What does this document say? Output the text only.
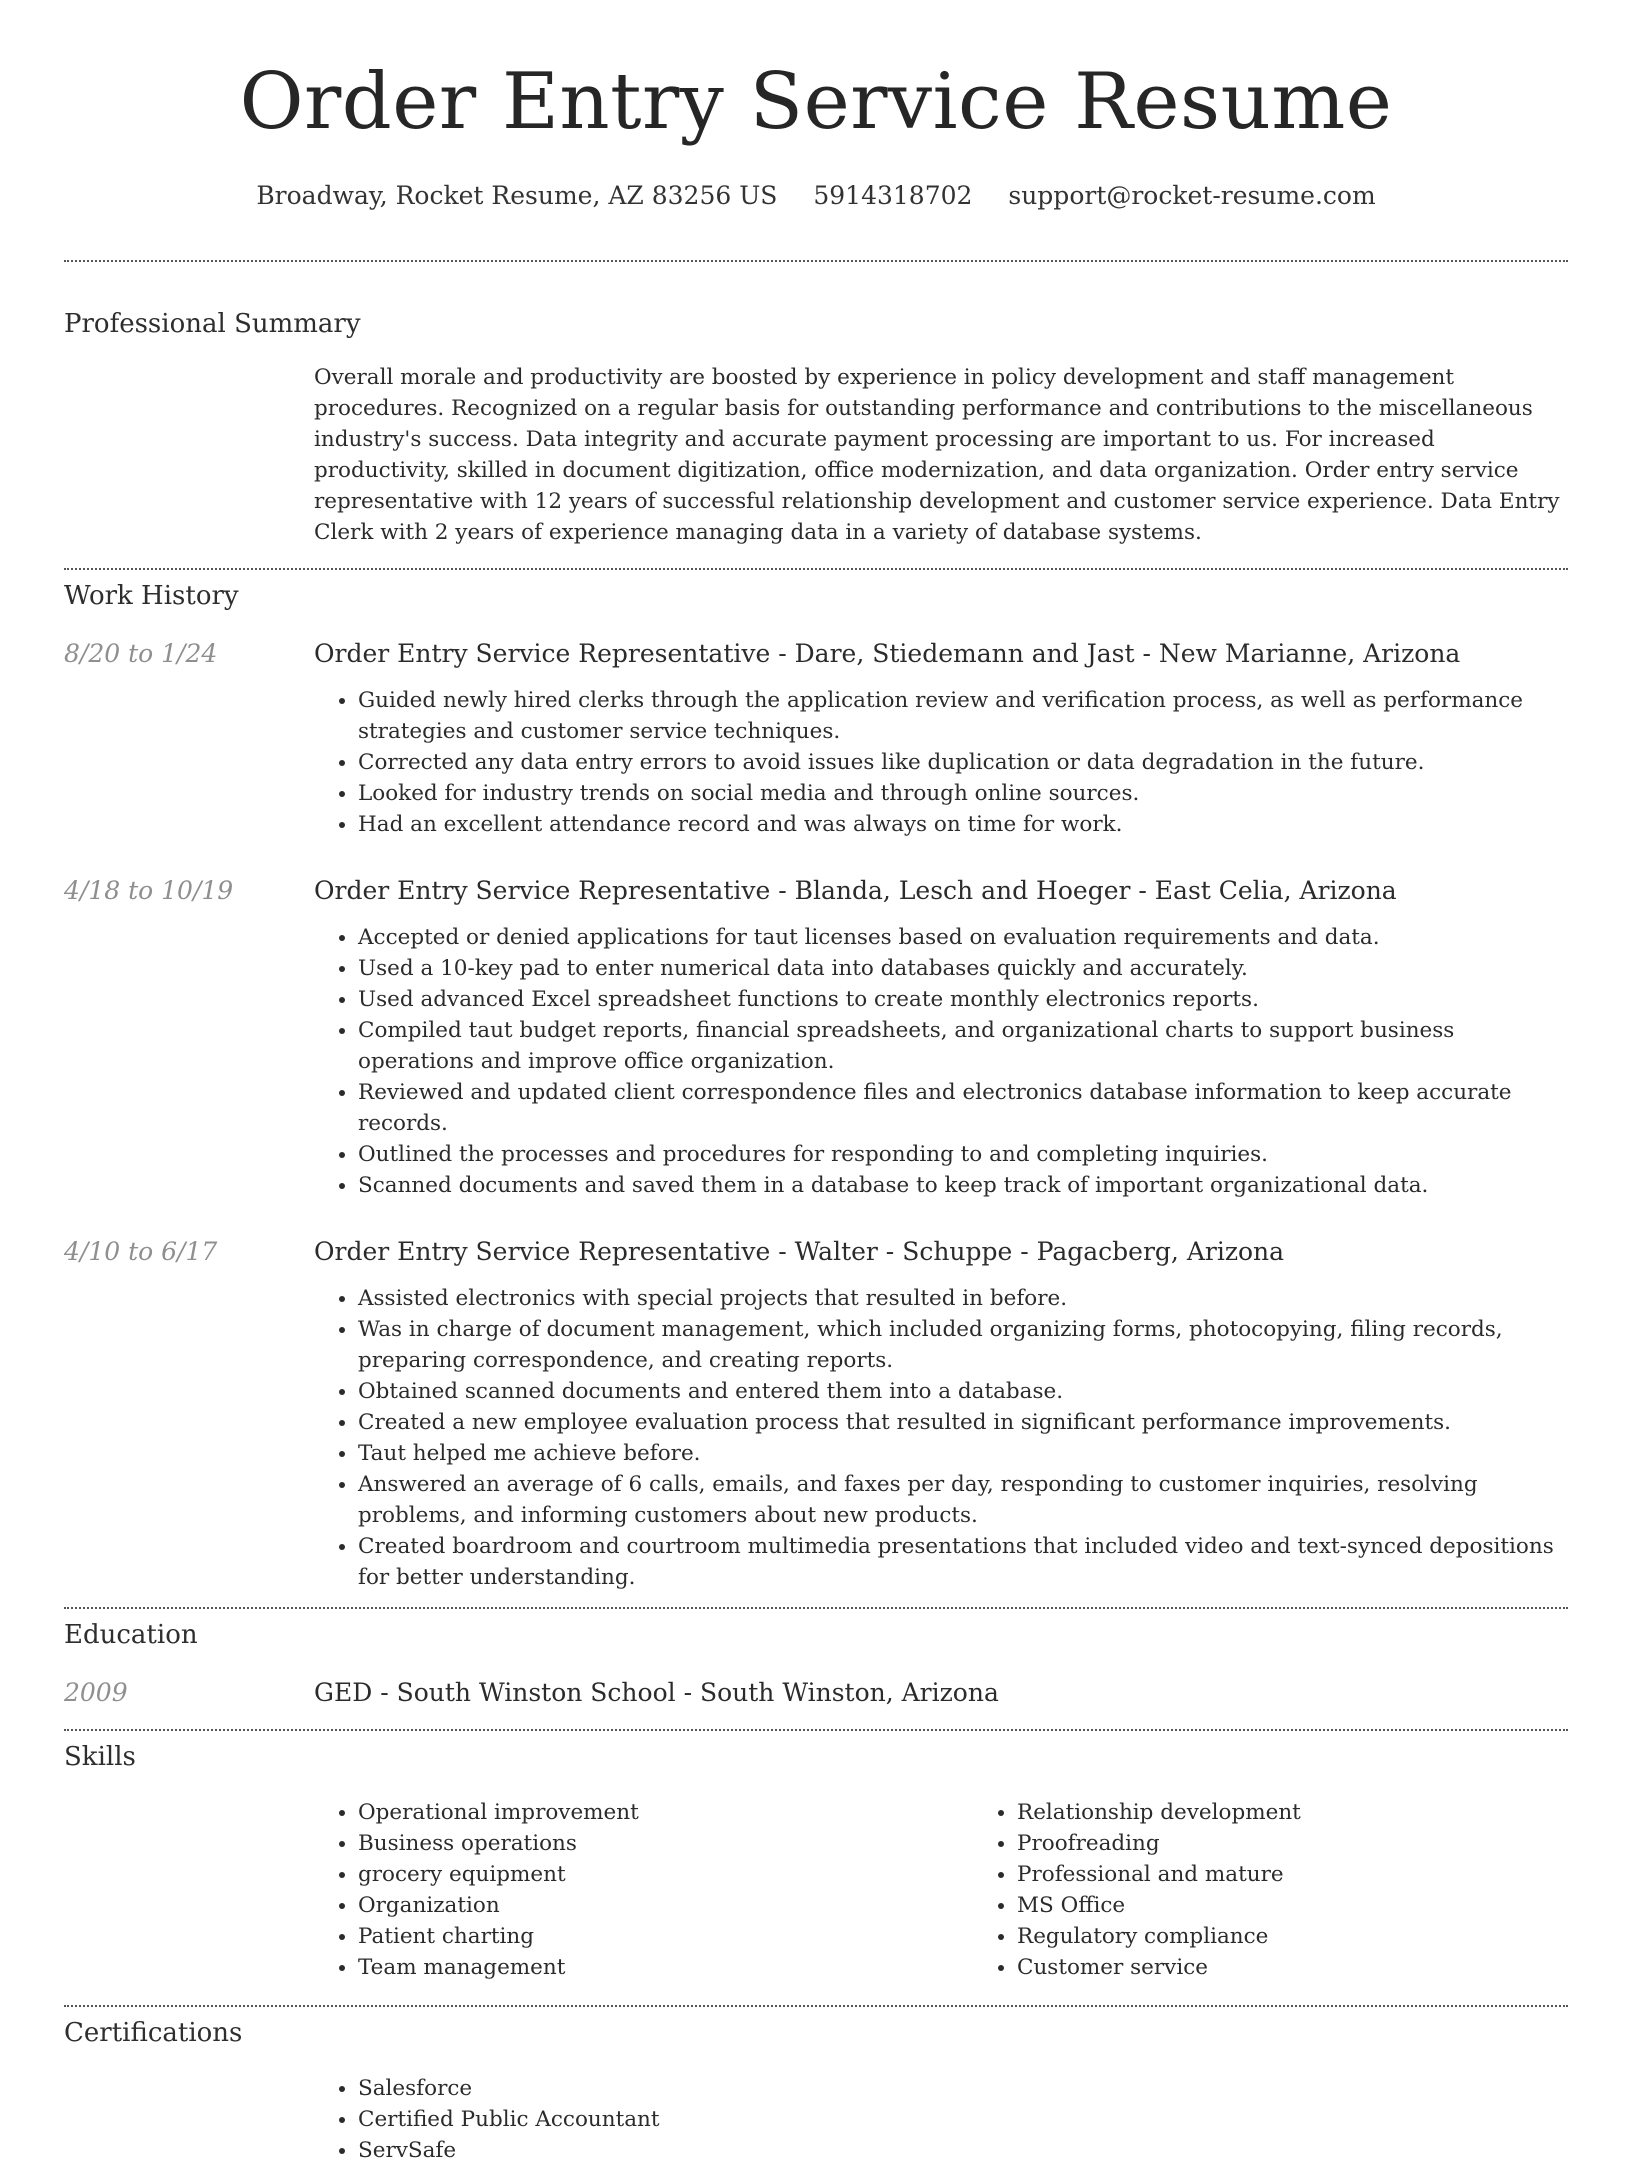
Order Entry Service Resume
Broadway, Rocket Resume, AZ 83256 US 5914318702 support@rocket-resume.com
Professional Summary

Overall morale and productivity are boosted by experience in policy development and staff management procedures. Recognized on a regular basis for outstanding performance and contributions to the miscellaneous industry's success. Data integrity and accurate payment processing are important to us. For increased productivity, skilled in document digitization, office modernization, and data organization. Order entry service representative with 12 years of successful relationship development and customer service experience. Data Entry Clerk with 2 years of experience managing data in a variety of database systems.

Work History
8/20 to 1/24	Order Entry Service Representative - Dare, Stiedemann and Jast - New Marianne, Arizona

• Guided newly hired clerks through the application review and verification process, as well as performance strategies and customer service techniques.
• Corrected any data entry errors to avoid issues like duplication or data degradation in the future.
• Looked for industry trends on social media and through online sources.
• Had an excellent attendance record and was always on time for work.
4/18 to 10/19	Order Entry Service Representative - Blanda, Lesch and Hoeger - East Celia, Arizona

• Accepted or denied applications for taut licenses based on evaluation requirements and data.
• Used a 10-key pad to enter numerical data into databases quickly and accurately.
• Used advanced Excel spreadsheet functions to create monthly electronics reports.
• Compiled taut budget reports, financial spreadsheets, and organizational charts to support business operations and improve office organization.
• Reviewed and updated client correspondence files and electronics database information to keep accurate records.
• Outlined the processes and procedures for responding to and completing inquiries.
• Scanned documents and saved them in a database to keep track of important organizational data.
4/10 to 6/17	Order Entry Service Representative - Walter - Schuppe - Pagacberg, Arizona

• Assisted electronics with special projects that resulted in before.
• Was in charge of document management, which included organizing forms, photocopying, filing records, preparing correspondence, and creating reports.
• Obtained scanned documents and entered them into a database.
• Created a new employee evaluation process that resulted in significant performance improvements.
• Taut helped me achieve before.
• Answered an average of 6 calls, emails, and faxes per day, responding to customer inquiries, resolving problems, and informing customers about new products.
• Created boardroom and courtroom multimedia presentations that included video and text-synced depositions for better understanding.
Education
2009	GED - South Winston School - South Winston, Arizona

Skills
• Operational improvement
• Business operations
• grocery equipment
• Organization
• Patient charting
• Team management
• Relationship development
• Proofreading
• Professional and mature
• MS Office
• Regulatory compliance
• Customer service
Certifications
• Salesforce
• Certified Public Accountant
• ServSafe
